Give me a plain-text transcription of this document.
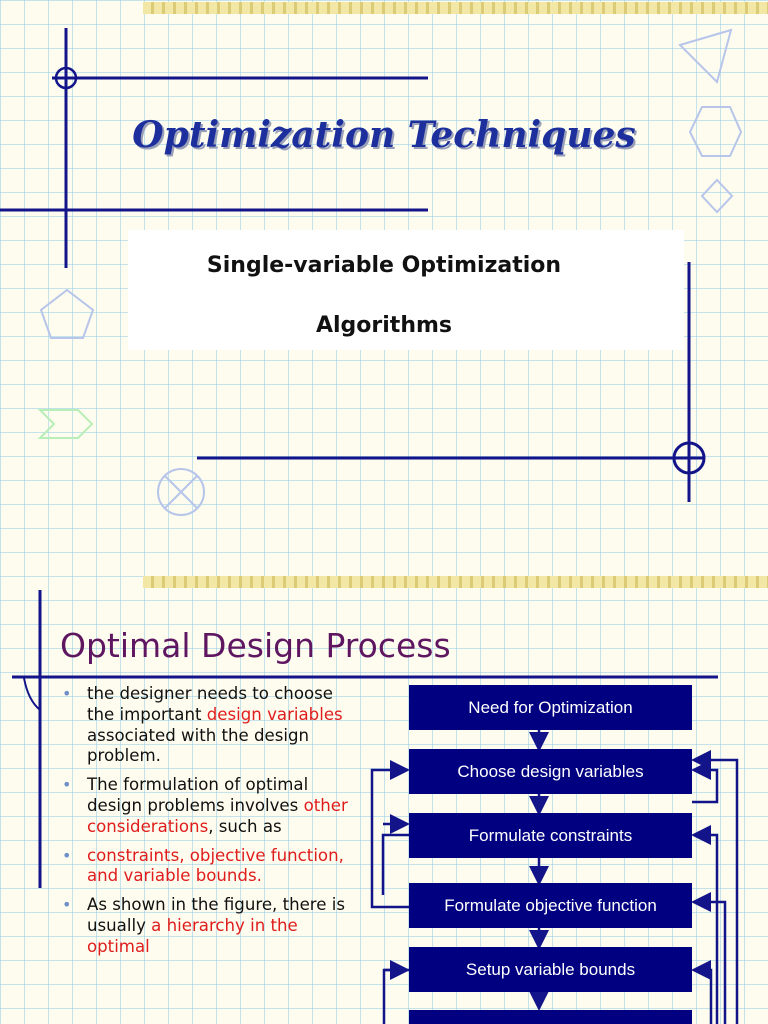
Optimization Techniques
Single-variable Optimization
Algorithms
Optimal Design Process
• the designer needs to choose the important design variables associated with the design problem.
• The formulation of optimal design problems involves other considerations, such as
• constraints, objective function, and variable bounds.
• As shown in the figure, there is usually a hierarchy in the optimal
Need for Optimization
Choose design variables
Formulate constraints
Formulate objective function
Setup variable bounds
